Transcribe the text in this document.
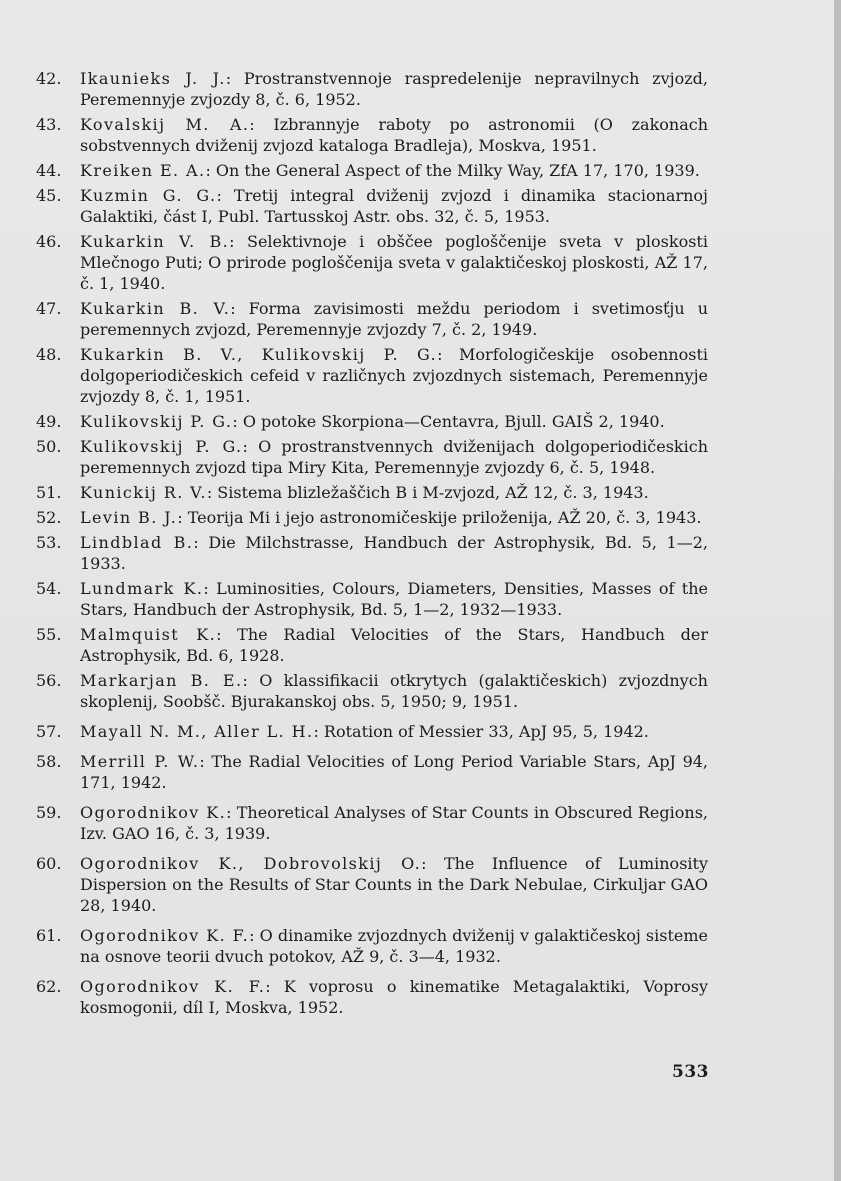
42.	Ikaunieks J. J.: Prostranstvennoje raspredelenije nepravilnych zvjozd, Peremennyje zvjozdy 8, č. 6, 1952.
43.	Kovalskij M. A.: Izbrannyje raboty po astronomii (O zakonach sobstvennych dviženij zvjozd kataloga Bradleja), Moskva, 1951.
44.	Kreiken E. A.: On the General Aspect of the Milky Way, ZfA 17, 170, 1939.
45.	Kuzmin G. G.: Tretij integral dviženij zvjozd i dinamika stacionarnoj Galaktiki, část I, Publ. Tartusskoj Astr. obs. 32, č. 5, 1953.
46.	Kukarkin V. B.: Selektivnoje i obščee pogloščenije sveta v ploskosti Mlečnogo Puti; O prirode pogloščenija sveta v galaktičeskoj ploskosti, AŽ 17, č. 1, 1940.
47.	Kukarkin B. V.: Forma zavisimosti meždu periodom i svetimosťju u peremennych zvjozd, Peremennyje zvjozdy 7, č. 2, 1949.
48.	Kukarkin B. V., Kulikovskij P. G.: Morfologičeskije osobennosti dolgoperiodičeskich cefeid v različnych zvjozdnych sistemach, Peremennyje zvjozdy 8, č. 1, 1951.
49.	Kulikovskij P. G.: O potoke Skorpiona—Centavra, Bjull. GAIŠ 2, 1940.
50.	Kulikovskij P. G.: O prostranstvennych dviženijach dolgoperiodičeskich peremennych zvjozd tipa Miry Kita, Peremennyje zvjozdy 6, č. 5, 1948.
51.	Kunickij R. V.: Sistema blizležaščich B i M-zvjozd, AŽ 12, č. 3, 1943.
52.	Levin B. J.: Teorija Mi i jejo astronomičeskije priloženija, AŽ 20, č. 3, 1943.
53.	Lindblad B.: Die Milchstrasse, Handbuch der Astrophysik, Bd. 5, 1—2, 1933.
54.	Lundmark K.: Luminosities, Colours, Diameters, Densities, Masses of the Stars, Handbuch der Astrophysik, Bd. 5, 1—2, 1932—1933.
55.	Malmquist K.: The Radial Velocities of the Stars, Handbuch der Astrophysik, Bd. 6, 1928.
56.	Markarjan B. E.: O klassifikacii otkrytych (galaktičeskich) zvjozdnych skoplenij, Soobšč. Bjurakanskoj obs. 5, 1950; 9, 1951.
57.	Mayall N. M., Aller L. H.: Rotation of Messier 33, ApJ 95, 5, 1942.
58.	Merrill P. W.: The Radial Velocities of Long Period Variable Stars, ApJ 94, 171, 1942.
59.	Ogorodnikov K.: Theoretical Analyses of Star Counts in Obscured Regions, Izv. GAO 16, č. 3, 1939.
60.	Ogorodnikov K., Dobrovolskij O.: The Influence of Luminosity Dispersion on the Results of Star Counts in the Dark Nebulae, Cirkuljar GAO 28, 1940.
61.	Ogorodnikov K. F.: O dinamike zvjozdnych dviženij v galaktičeskoj sisteme na osnove teorii dvuch potokov, AŽ 9, č. 3—4, 1932.
62.	Ogorodnikov K. F.: K voprosu o kinematike Metagalaktiki, Voprosy kosmogonii, díl I, Moskva, 1952.
533
